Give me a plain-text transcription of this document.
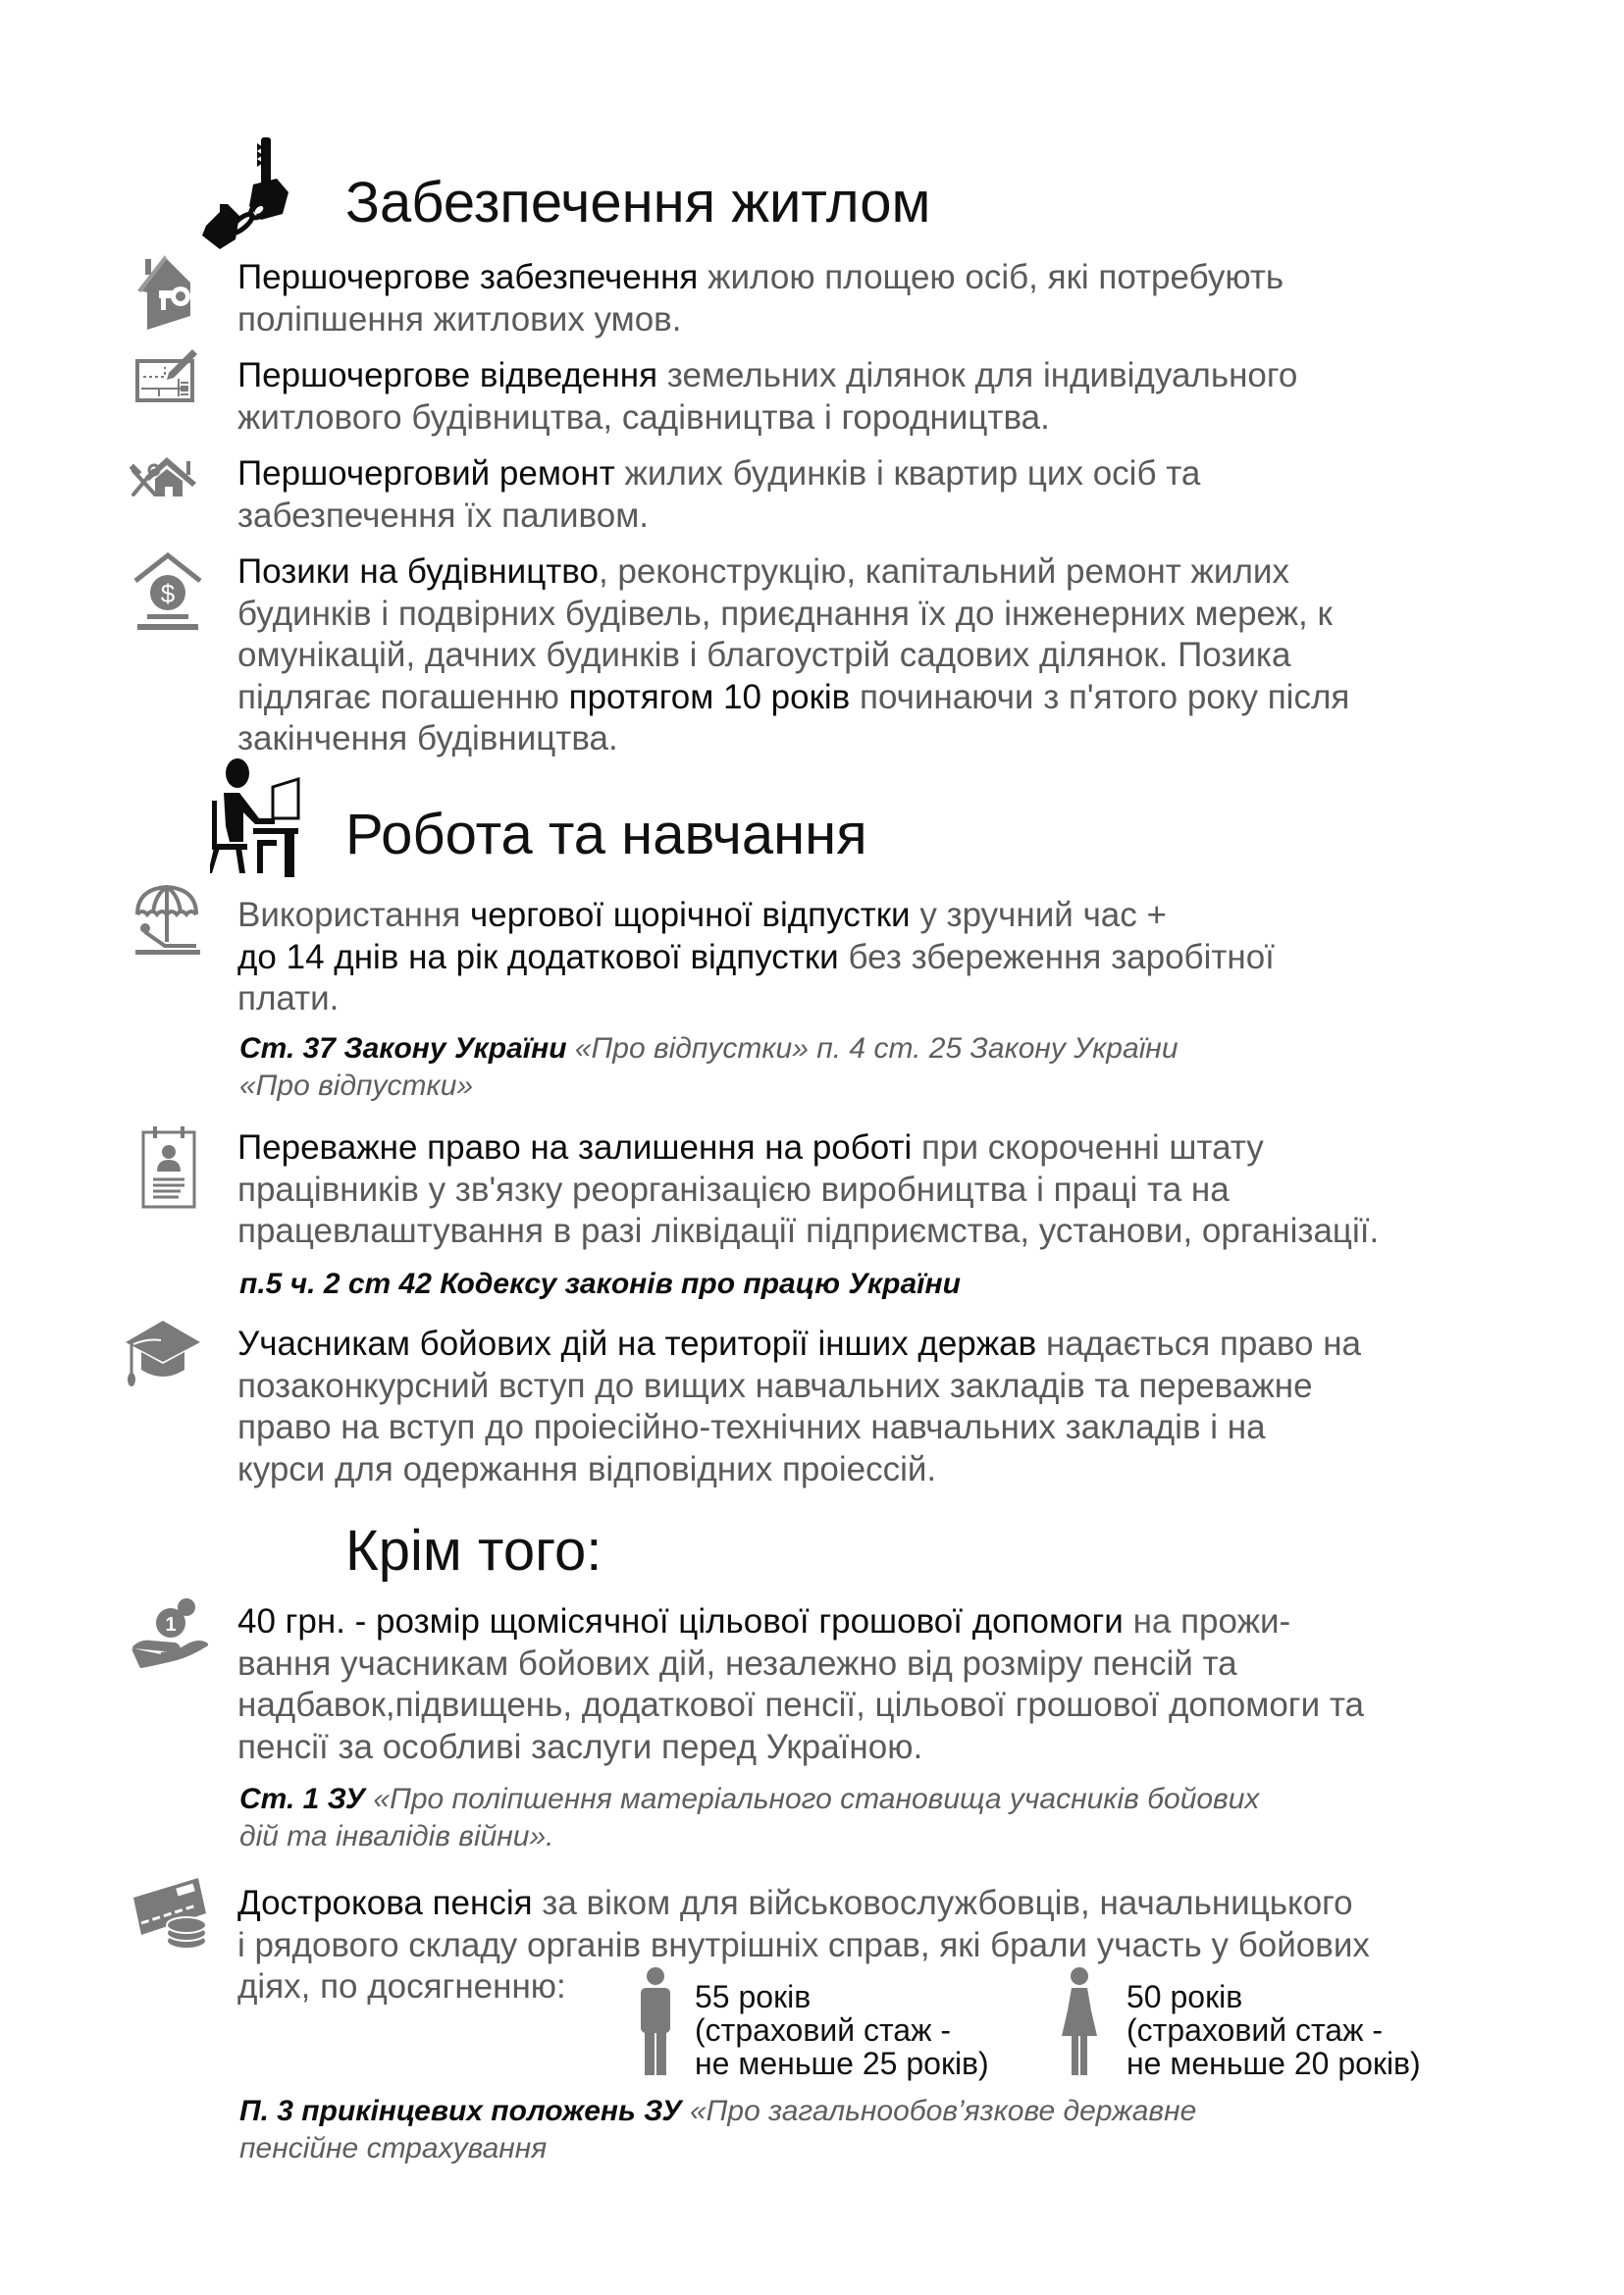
Забезпечення житлом
Першочергове забезпечення жилою площею осіб, які потребують
поліпшення житлових умов.
Першочергове відведення земельних ділянок для індивідуального
житлового будівництва, садівництва і городництва.
Першочерговий ремонт жилих будинків і квартир цих осіб та
забезпечення їх паливом.
$
Позики на будівництво, реконструкцію, капітальний ремонт жилих
будинків і подвірних будівель, приєднання їх до інженерних мереж, к
омунікацій, дачних будинків і благоустрій садових ділянок. Позика
підлягає погашенню протягом 10 років починаючи з п'ятого року після
закінчення будівництва.
Робота та навчання
Використання чергової щорічної відпустки у зручний час +
до 14 днів на рік додаткової відпустки без збереження заробітної
плати.
Ст. 37 Закону України «Про відпустки» п. 4 ст. 25 Закону України
«Про відпустки»
Переважне право на залишення на роботі при скороченні штату
працівників у зв'язку реорганізацією виробництва і праці та на
працевлаштування в разі ліквідації підприємства, установи, організації.
п.5 ч. 2 ст 42 Кодексу законів про працю України
Учасникам бойових дій на території інших держав надається право на
позаконкурсний вступ до вищих навчальних закладів та переважне
право на вступ до проіесійно-технічних навчальних закладів і на
курси для одержання відповідних проіессій.
Крім того:
1 40 грн. - розмір щомісячної цільової грошової допомоги на прожи-
вання учасникам бойових дій, незалежно від розміру пенсій та
надбавок,підвищень, додаткової пенсії, цільової грошової допомоги та
пенсії за особливі заслуги перед Україною.
Ст. 1 ЗУ «Про поліпшення матеріального становища учасників бойових
дій та інвалідів війни».
Дострокова пенсія за віком для військовослужбовців, начальницького
і рядового складу органів внутрішніх справ, які брали участь у бойових
діях, по досягненню:	55 років
(страховий стаж -
не меньше 25 років)
50 років
(страховий стаж -
не меньше 20 років)
П. 3 прикінцевих положень ЗУ «Про загальнообов’язкове державне
пенсійне страхування
